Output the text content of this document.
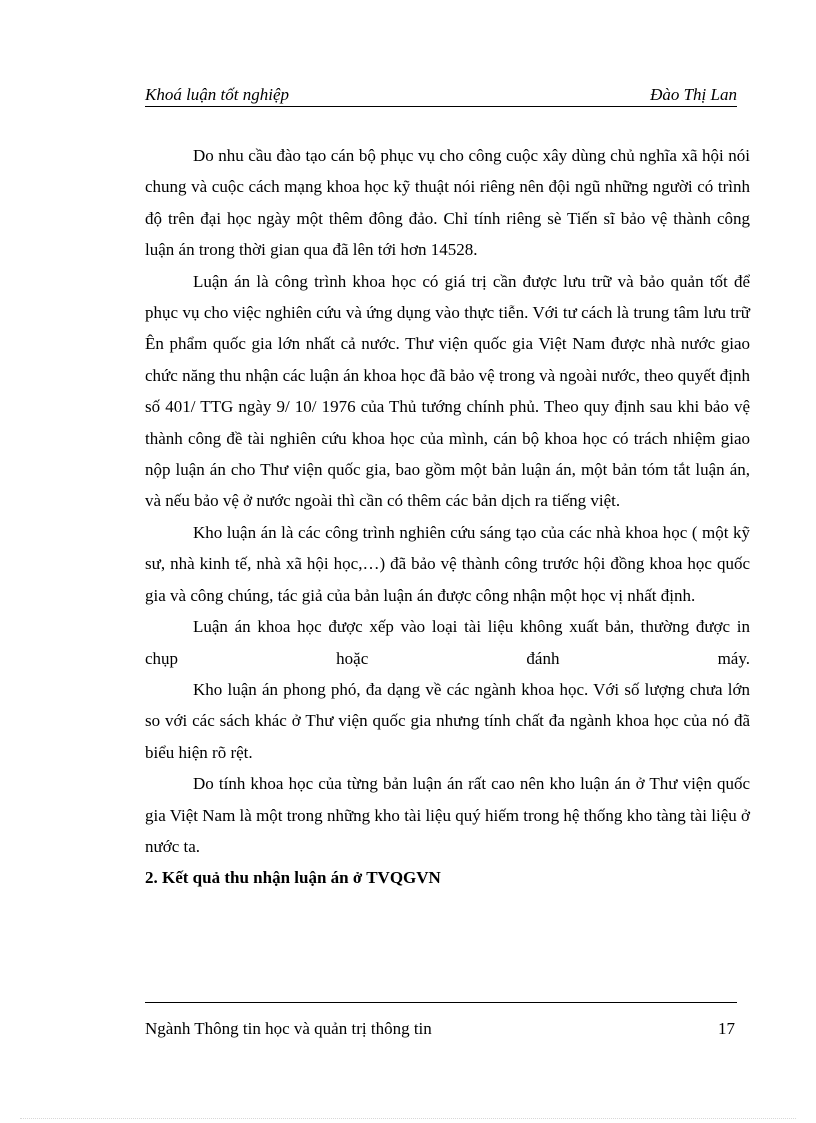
Khoá luận tốt nghiệp	Đào Thị Lan

Do nhu cầu đào tạo cán bộ phục vụ cho công cuộc xây dùng chủ nghĩa xã hội nói chung và cuộc cách mạng khoa học kỹ thuật nói riêng nên đội ngũ những người có trình độ trên đại học ngày một thêm đông đảo. Chỉ tính riêng sè Tiến sĩ bảo vệ thành công luận án trong thời gian qua đã lên tới hơn 14528.

Luận án là công trình khoa học có giá trị cần được lưu trữ và bảo quản tốt để phục vụ cho việc nghiên cứu và ứng dụng vào thực tiễn. Với tư cách là trung tâm lưu trữ Ên phẩm quốc gia lớn nhất cả nước. Thư viện quốc gia Việt Nam được nhà nước giao chức năng thu nhận các luận án khoa học đã bảo vệ trong và ngoài nước, theo quyết định số 401/ TTG ngày 9/ 10/ 1976 của Thủ tướng chính phủ. Theo quy định sau khi bảo vệ thành công đề tài nghiên cứu khoa học của mình, cán bộ khoa học có trách nhiệm giao nộp luận án cho Thư viện quốc gia, bao gồm một bản luận án, một bản tóm tắt luận án, và nếu bảo vệ ở nước ngoài thì cần có thêm các bản dịch ra tiếng việt.

Kho luận án là các công trình nghiên cứu sáng tạo của các nhà khoa học ( một kỹ sư, nhà kinh tế, nhà xã hội học,…) đã bảo vệ thành công trước hội đồng khoa học quốc gia và công chúng, tác giả của bản luận án được công nhận một học vị nhất định.

Luận án khoa học được xếp vào loại tài liệu không xuất bản, thường được in chụp hoặc đánh máy.

Kho luận án phong phó, đa dạng về các ngành khoa học. Với số lượng chưa lớn so với các sách khác ở Thư viện quốc gia nhưng tính chất đa ngành khoa học của nó đã biểu hiện rõ rệt.

Do tính khoa học của từng bản luận án rất cao nên kho luận án ở Thư viện quốc gia Việt Nam là một trong những kho tài liệu quý hiếm trong hệ thống kho tàng tài liệu ở nước ta.

2. Kết quả thu nhận luận án ở TVQGVN

Ngành Thông tin học và quản trị thông tin	17
